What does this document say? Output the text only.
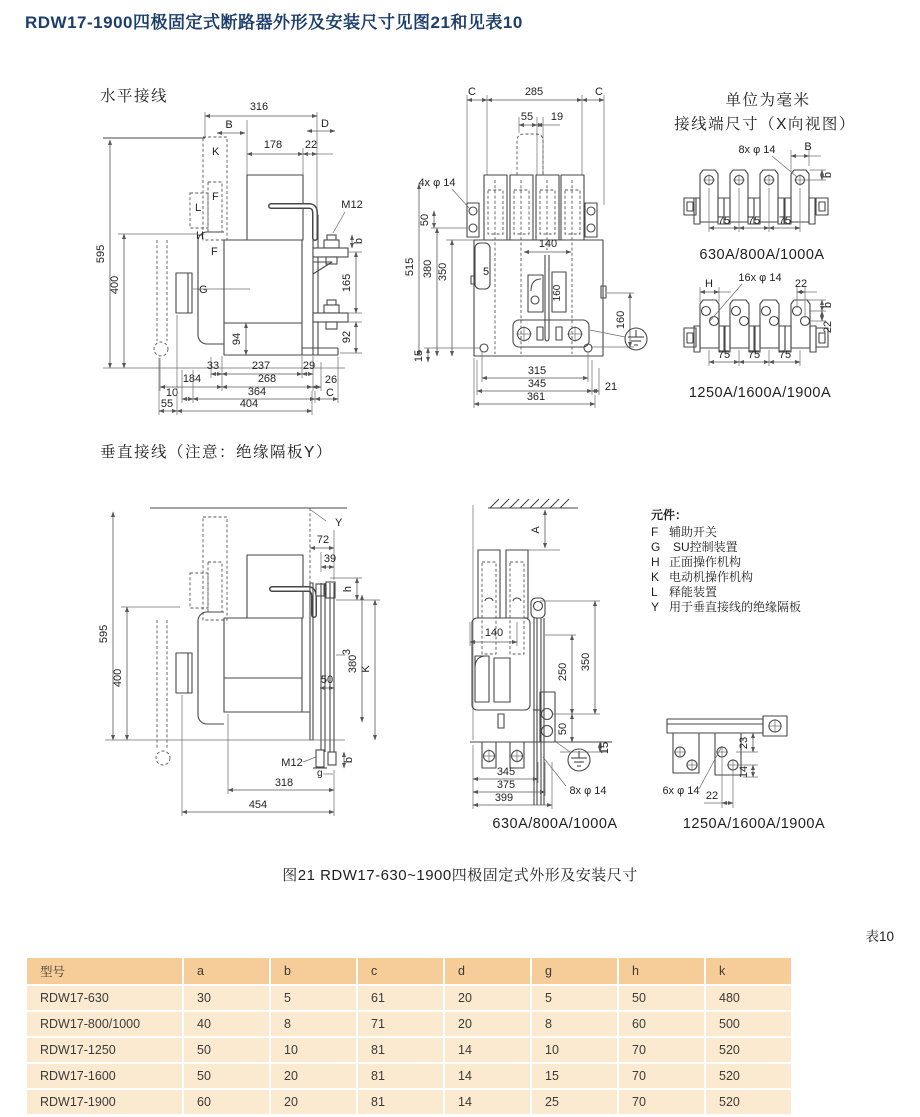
RDW17-1900四极固定式断路器外形及安装尺寸见图21和见表10
水平接线
316
B	D
178 22
K
F
L
H
F
G
94
M12
b
165
92
595
400
33	237	29
184	268	26
10	364	C
55	404
C	285	C
55 19
4x φ 14
50
5
515 380 350
15
140
160
160
315
345	21
361
单位为毫米
接线端尺寸（X向视图）
8x φ 14	B
b
75 75 75
630A/800A/1000A
H 16x φ 14 22
b
22
75 75 75
1250A/1600A/1900A
垂直接线（注意：绝缘隔板Y）
Y
72
39
h
3
380 K
50
595
400
M12
g
b
318
454
A
140
250
350
50
15
345
375
399
8x φ 14
630A/800A/1000A
23
14
6x φ 14 22
1250A/1600A/1900A
元件：
F 辅助开关
G SU控制装置
H 正面操作机构
K 电动机操作机构
L 释能装置
Y 用于垂直接线的绝缘隔板
图21 RDW17-630~1900四极固定式外形及安装尺寸
表10
型号	a	b	c	d	g	h	k
RDW17-630	30	5	61	20	5	50	480
RDW17-800/1000	40	8	71	20	8	60	500
RDW17-1250	50	10	81	14	10	70	520
RDW17-1600	50	20	81	14	15	70	520
RDW17-1900	60	20	81	14	25	70	520
